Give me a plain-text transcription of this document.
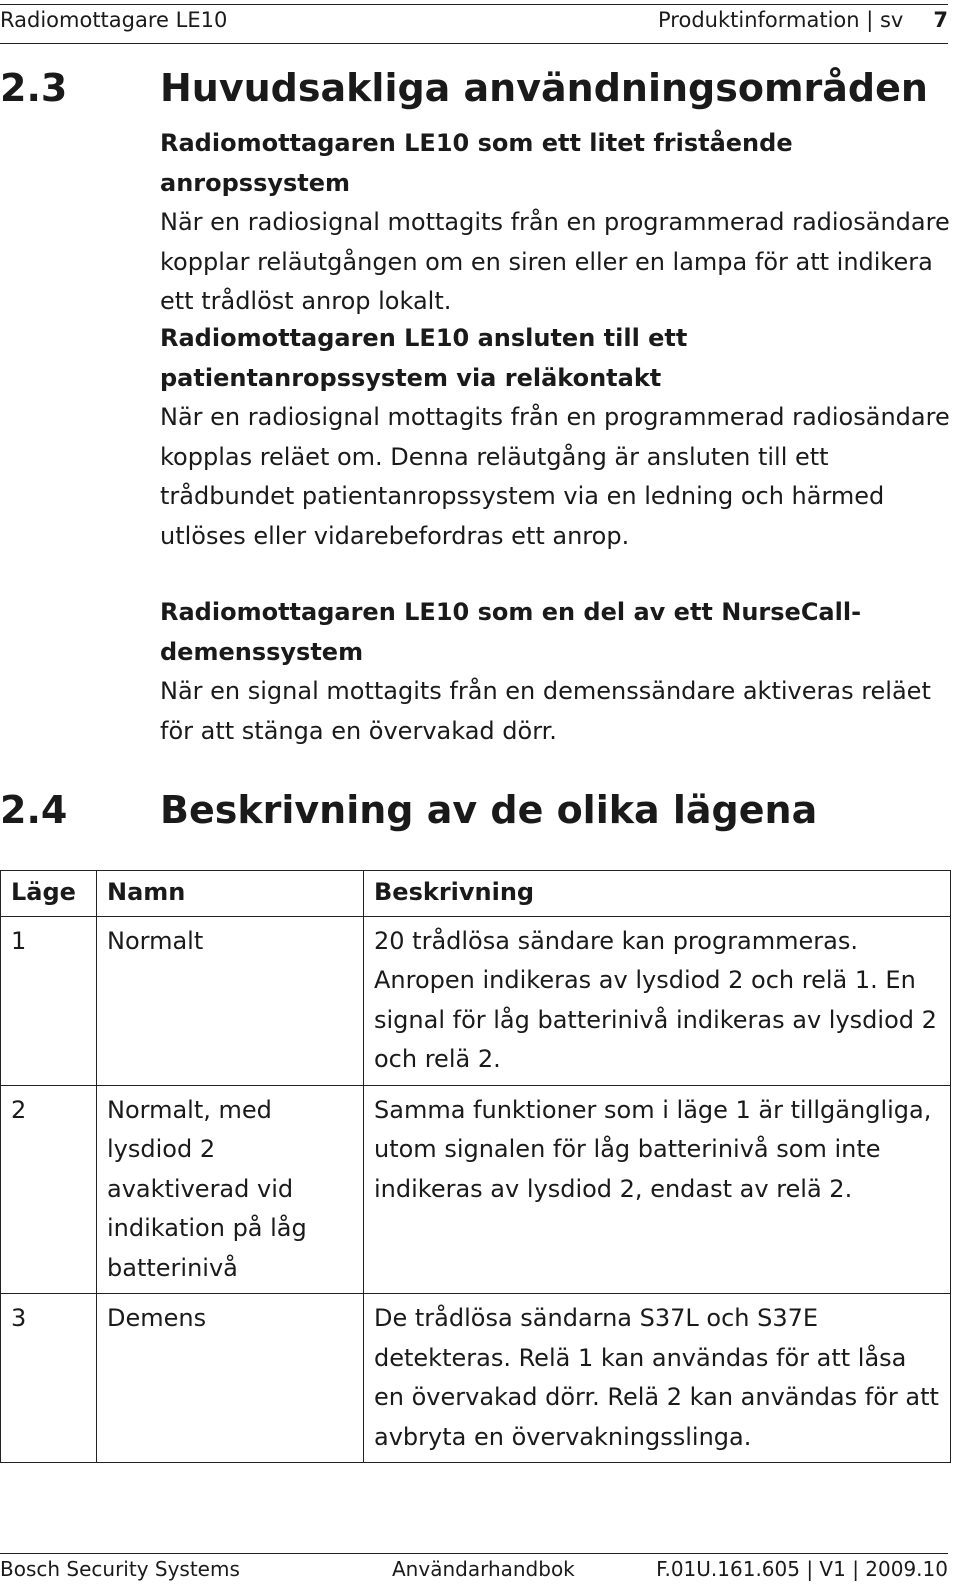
Radiomottagare LE10	Produktinformation | sv 7
2.3 Huvudsakliga användningsområden

Radiomottagaren LE10 som ett litet fristående anropssystem

När en radiosignal mottagits från en programmerad radiosändare kopplar reläutgången om en siren eller en lampa för att indikera ett trådlöst anrop lokalt.

Radiomottagaren LE10 ansluten till ett patientanropssystem via reläkontakt

När en radiosignal mottagits från en programmerad radiosändare kopplas reläet om. Denna reläutgång är ansluten till ett trådbundet patientanropssystem via en ledning och härmed utlöses eller vidarebefordras ett anrop.

Radiomottagaren LE10 som en del av ett NurseCall-demenssystem

När en signal mottagits från en demenssändare aktiveras reläet för att stänga en övervakad dörr.

2.4 Beskrivning av de olika lägena
Läge	Namn	Beskrivning
1	Normalt	20 trådlösa sändare kan programmeras. Anropen indikeras av lysdiod 2 och relä 1. En signal för låg batterinivå indikeras av lysdiod 2 och relä 2.
2	Normalt, med lysdiod 2 avaktiverad vid indikation på låg batterinivå	Samma funktioner som i läge 1 är tillgängliga, utom signalen för låg batterinivå som inte indikeras av lysdiod 2, endast av relä 2.
3	Demens	De trådlösa sändarna S37L och S37E detekteras. Relä 1 kan användas för att låsa en övervakad dörr. Relä 2 kan användas för att avbryta en övervakningsslinga.
Bosch Security Systems	Användarhandbok	F.01U.161.605 | V1 | 2009.10
